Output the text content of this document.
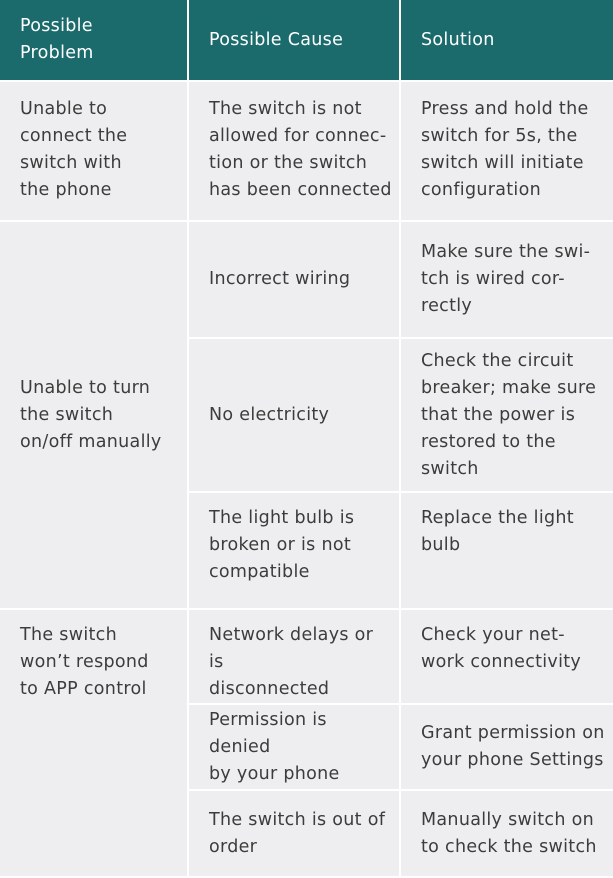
Possible
Problem	Possible Cause	Solution

Unable to
connect the
switch with
the phone	The switch is not
allowed for connec-
tion or the switch
has been connected	Press and hold the
switch for 5s, the
switch will initiate
configuration

Unable to turn
the switch
on/off manually	Incorrect wiring	Make sure the swi-
tch is wired cor-
rectly

	No electricity	Check the circuit
breaker; make sure
that the power is
restored to the
switch

	The light bulb is
broken or is not
compatible	Replace the light
bulb

The switch
won’t respond
to APP control	Network delays or is
disconnected	Check your net-
work connectivity

	Permission is denied
by your phone	Grant permission on
your phone Settings

	The switch is out of
order	Manually switch on
to check the switch
